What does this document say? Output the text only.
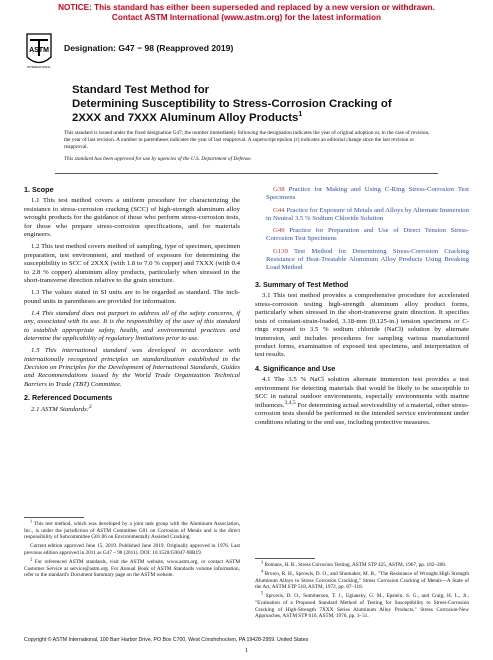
NOTICE: This standard has either been superseded and replaced by a new version or withdrawn.
Contact ASTM International (www.astm.org) for the latest information
ASTM
INTERNATIONAL
Designation: G47 − 98 (Reapproved 2019)
Standard Test Method for
Determining Susceptibility to Stress-Corrosion Cracking of
2XXX and 7XXX Aluminum Alloy Products$^1$
This standard is issued under the fixed designation G47; the number immediately following the designation indicates the year of original adoption or, in the case of revision, the year of last revision. A number in parentheses indicates the year of last reapproval. A superscript epsilon (ε) indicates an editorial change since the last revision or reapproval.
This standard has been approved for use by agencies of the U.S. Department of Defense.

1. Scope

1.1 This test method covers a uniform procedure for characterizing the resistance to stress-corrosion cracking (SCC) of high-strength aluminum alloy wrought products for the guidance of those who perform stress-corrosion tests, for those who prepare stress-corrosion specifications, and for materials engineers.

1.2 This test method covers method of sampling, type of specimen, specimen preparation, test environment, and method of exposure for determining the susceptibility to SCC of 2XXX (with 1.8 to 7.0 % copper) and 7XXX (with 0.4 to 2.8 % copper) aluminum alloy products, particularly when stressed in the short-transverse direction relative to the grain structure.

1.3 The values stated in SI units are to be regarded as standard. The inch-pound units in parentheses are provided for information.

1.4 This standard does not purport to address all of the safety concerns, if any, associated with its use. It is the responsibility of the user of this standard to establish appropriate safety, health, and environmental practices and determine the applicability of regulatory limitations prior to use.

1.5 This international standard was developed in accordance with internationally recognized principles on standardization established in the Decision on Principles for the Development of International Standards, Guides and Recommendations issued by the World Trade Organization Technical Barriers to Trade (TBT) Committee.

2. Referenced Documents

2.1 ASTM Standards:$^2$

$^1$ This test method, which was developed by a joint task group with the Aluminum Association, Inc., is under the jurisdiction of ASTM Committee G01 on Corrosion of Metals and is the direct responsibility of Subcommittee G01.06 on Environmentally Assisted Cracking.

Current edition approved June 15, 2019. Published June 2019. Originally approved in 1976. Last previous edition approved in 2011 as G47 – 98 (2011). DOI: 10.1520/G0047-98R19.

$^2$ For referenced ASTM standards, visit the ASTM website, www.astm.org, or contact ASTM Customer Service at service@astm.org. For Annual Book of ASTM Standards volume information, refer to the standard's Document Summary page on the ASTM website.

G38 Practice for Making and Using C-Ring Stress-Corrosion Test Specimens

G44 Practice for Exposure of Metals and Alloys by Alternate Immersion in Neutral 3.5 % Sodium Chloride Solution

G49 Practice for Preparation and Use of Direct Tension Stress-Corrosion Test Specimens

G139 Test Method for Determining Stress-Corrosion Cracking Resistance of Heat-Treatable Aluminum Alloy Products Using Breaking Load Method

3. Summary of Test Method

3.1 This test method provides a comprehensive procedure for accelerated stress-corrosion testing high-strength aluminum alloy product forms, particularly when stressed in the short-transverse grain direction. It specifies tests of constant-strain-loaded, 3.18-mm (0.125-in.) tension specimens or C-rings exposed to 3.5 % sodium chloride (NaCl) solution by alternate immersion, and includes procedures for sampling various manufactured product forms, examination of exposed test specimens, and interpretation of test results.

4. Significance and Use

4.1 The 3.5 % NaCl solution alternate immersion test provides a test environment for detecting materials that would be likely to be susceptible to SCC in natural outdoor environments, especially environments with marine influences.$^{3,4,5}$ For determining actual serviceability of a material, other stress-corrosion tests should be performed in the intended service environment under conditions relating to the end use, including protective measures.

$^3$ Romans, H. B., Stress Corrosion Testing, ASTM STP 425, ASTM, 1967, pp. 182–208.

$^4$ Brown, R. H., Sprowls, D. O., and Shumaker, M. B., "The Resistance of Wrought High Strength Aluminum Alloys to Stress Corrosion Cracking," Stress Corrosion Cracking of Metals—A State of the Art, ASTM STP 518, ASTM, 1972, pp. 87–118.

$^5$ Sprowls, D. O., Summerson, T. J., Ugiansky, G. M., Epstein, S. G., and Craig, H. L., Jr., "Evaluation of a Proposed Standard Method of Testing for Susceptibility to Stress-Corrosion Cracking of High-Strength 7XXX Series Aluminum Alloy Products," Stress Corrosion-New Approaches, ASTM STP 610, ASTM, 1976, pp. 3–31.

Copyright © ASTM International, 100 Barr Harbor Drive, PO Box C700, West Conshohocken, PA 19428-2959. United States
1
